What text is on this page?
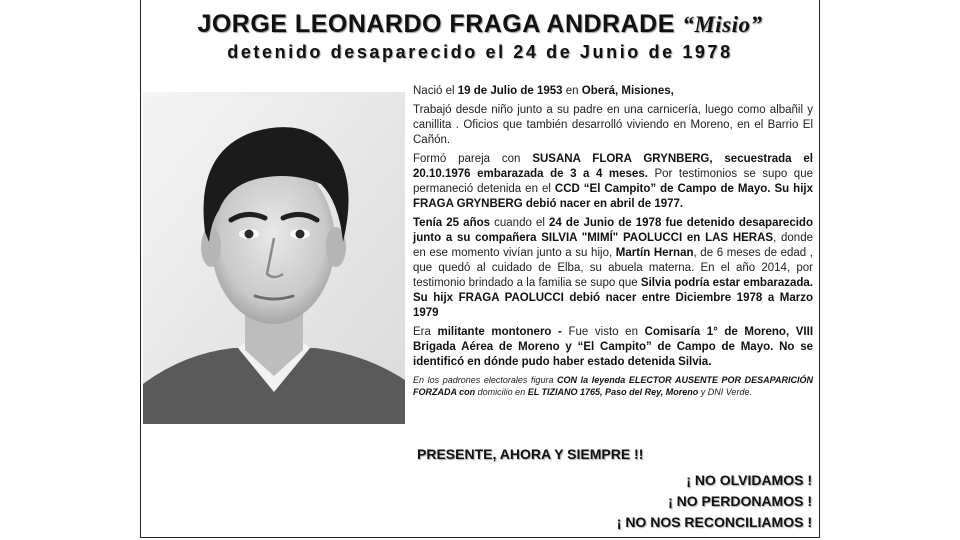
JORGE LEONARDO FRAGA ANDRADE “Misio”
detenido desaparecido el 24 de Junio de 1978

Nació el 19 de Julio de 1953 en Oberá, Misiones,

Trabajó desde niño junto a su padre en una carnicería, luego como albañil y canillita . Oficios que también desarrolló viviendo en Moreno, en el Barrio El Cañón.

Formó pareja con SUSANA FLORA GRYNBERG, secuestrada el 20.10.1976 embarazada de 3 a 4 meses. Por testimonios se supo que permaneció detenida en el CCD “El Campito” de Campo de Mayo. Su hijx FRAGA GRYNBERG debió nacer en abril de 1977.

Tenía 25 años cuando el 24 de Junio de 1978 fue detenido desaparecido junto a su compañera SILVIA "MIMÍ" PAOLUCCI en LAS HERAS, donde en ese momento vivían junto a su hijo, Martín Hernan, de 6 meses de edad , que quedó al cuidado de Elba, su abuela materna. En el año 2014, por testimonio brindado a la familia se supo que Silvia podría estar embarazada. Su hijx FRAGA PAOLUCCI debió nacer entre Diciembre 1978 a Marzo 1979

Era militante montonero - Fue visto en Comisaría 1° de Moreno, VIII Brigada Aérea de Moreno y “El Campito” de Campo de Mayo. No se identificó en dónde pudo haber estado detenida Silvia.

En los padrones electorales figura CON la leyenda ELECTOR AUSENTE POR DESAPARICIÓN FORZADA con domicilio en EL TIZIANO 1765, Paso del Rey, Moreno y DNI Verde.

PRESENTE, AHORA Y SIEMPRE !!
¡ NO OLVIDAMOS !
¡ NO PERDONAMOS !
¡ NO NOS RECONCILIAMOS !
